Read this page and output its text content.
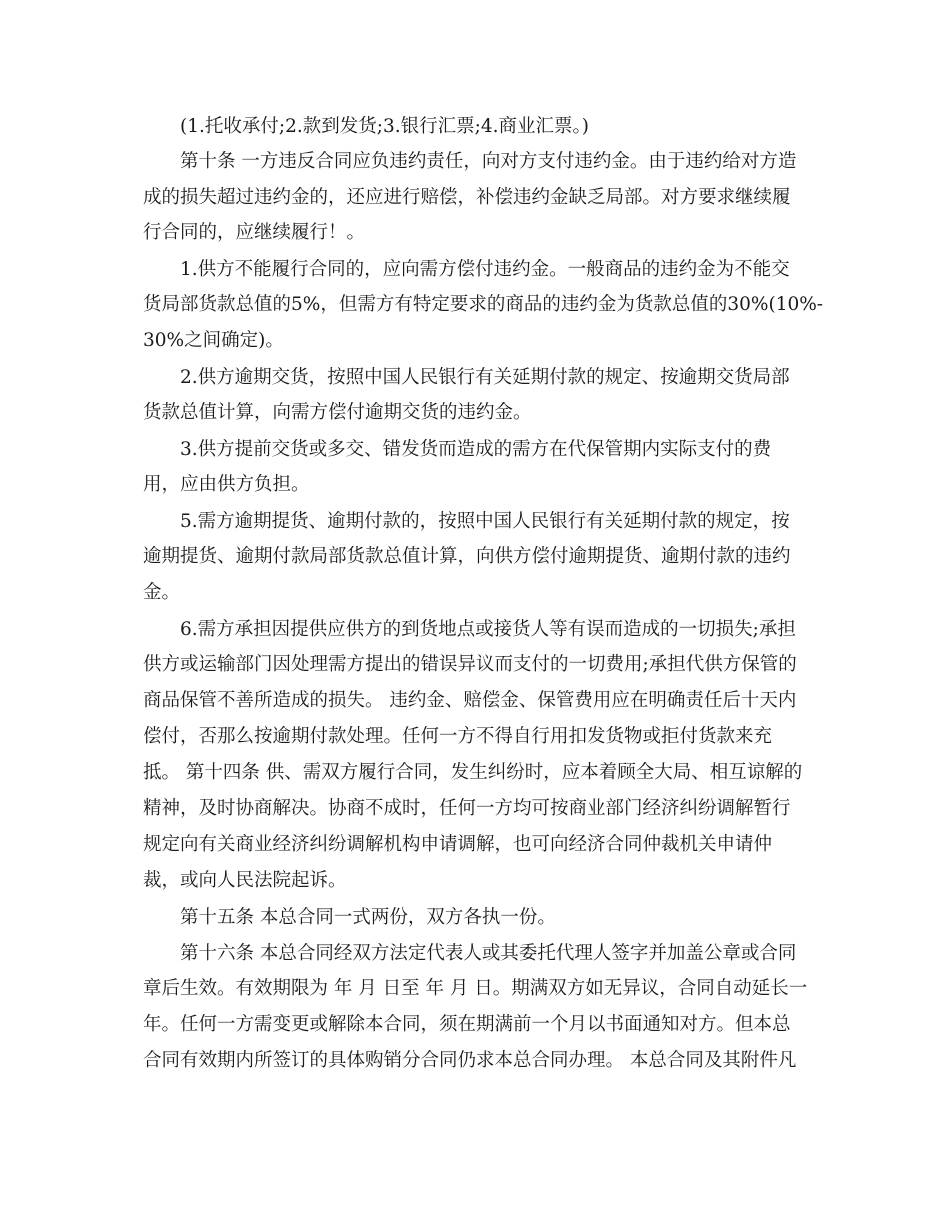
(1.托收承付;2.款到发货;3.银行汇票;4.商业汇票。)
第十条 一方违反合同应负违约责任，向对方支付违约金。由于违约给对方造
成的损失超过违约金的，还应进行赔偿，补偿违约金缺乏局部。对方要求继续履
行合同的，应继续履行！。
1.供方不能履行合同的，应向需方偿付违约金。一般商品的违约金为不能交
货局部货款总值的5%，但需方有特定要求的商品的违约金为货款总值的30%(10%-
30%之间确定)。
2.供方逾期交货，按照中国人民银行有关延期付款的规定、按逾期交货局部
货款总值计算，向需方偿付逾期交货的违约金。
3.供方提前交货或多交、错发货而造成的需方在代保管期内实际支付的费
用，应由供方负担。
5.需方逾期提货、逾期付款的，按照中国人民银行有关延期付款的规定，按
逾期提货、逾期付款局部货款总值计算，向供方偿付逾期提货、逾期付款的违约
金。
6.需方承担因提供应供方的到货地点或接货人等有误而造成的一切损失;承担
供方或运输部门因处理需方提出的错误异议而支付的一切费用;承担代供方保管的
商品保管不善所造成的损失。 违约金、赔偿金、保管费用应在明确责任后十天内
偿付，否那么按逾期付款处理。任何一方不得自行用扣发货物或拒付货款来充
抵。 第十四条 供、需双方履行合同，发生纠纷时，应本着顾全大局、相互谅解的
精神，及时协商解决。协商不成时，任何一方均可按商业部门经济纠纷调解暂行
规定向有关商业经济纠纷调解机构申请调解，也可向经济合同仲裁机关申请仲
裁，或向人民法院起诉。
第十五条 本总合同一式两份，双方各执一份。
第十六条 本总合同经双方法定代表人或其委托代理人签字并加盖公章或合同
章后生效。有效期限为 年 月 日至 年 月 日。期满双方如无异议，合同自动延长一
年。任何一方需变更或解除本合同，须在期满前一个月以书面通知对方。但本总
合同有效期内所签订的具体购销分合同仍求本总合同办理。 本总合同及其附件凡
